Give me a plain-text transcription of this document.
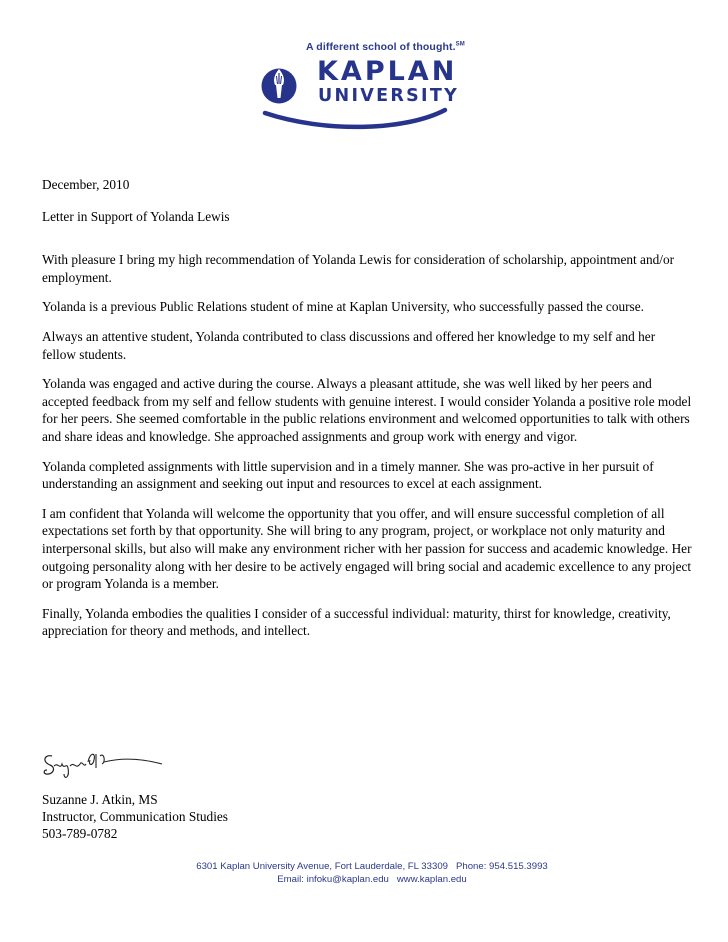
A different school of thought.℠
KAPLAN
UNIVERSITY

December, 2010

Letter in Support of Yolanda Lewis

With pleasure I bring my high recommendation of Yolanda Lewis for consideration of scholarship, appointment and/or employment.

Yolanda is a previous Public Relations student of mine at Kaplan University, who successfully passed the course.

Always an attentive student, Yolanda contributed to class discussions and offered her knowledge to my self and her fellow students.

Yolanda was engaged and active during the course. Always a pleasant attitude, she was well liked by her peers and accepted feedback from my self and fellow students with genuine interest. I would consider Yolanda a positive role model for her peers. She seemed comfortable in the public relations environment and welcomed opportunities to talk with others and share ideas and knowledge. She approached assignments and group work with energy and vigor.

Yolanda completed assignments with little supervision and in a timely manner. She was pro-active in her pursuit of understanding an assignment and seeking out input and resources to excel at each assignment.

I am confident that Yolanda will welcome the opportunity that you offer, and will ensure successful completion of all expectations set forth by that opportunity. She will bring to any program, project, or workplace not only maturity and interpersonal skills, but also will make any environment richer with her passion for success and academic knowledge. Her outgoing personality along with her desire to be actively engaged will bring social and academic excellence to any project or program Yolanda is a member.

Finally, Yolanda embodies the qualities I consider of a successful individual: maturity, thirst for knowledge, creativity, appreciation for theory and methods, and intellect.

Suzanne J. Atkin, MS
Instructor, Communication Studies
503-789-0782
6301 Kaplan University Avenue, Fort Lauderdale, FL 33309   Phone: 954.515.3993
Email: infoku@kaplan.edu   www.kaplan.edu
